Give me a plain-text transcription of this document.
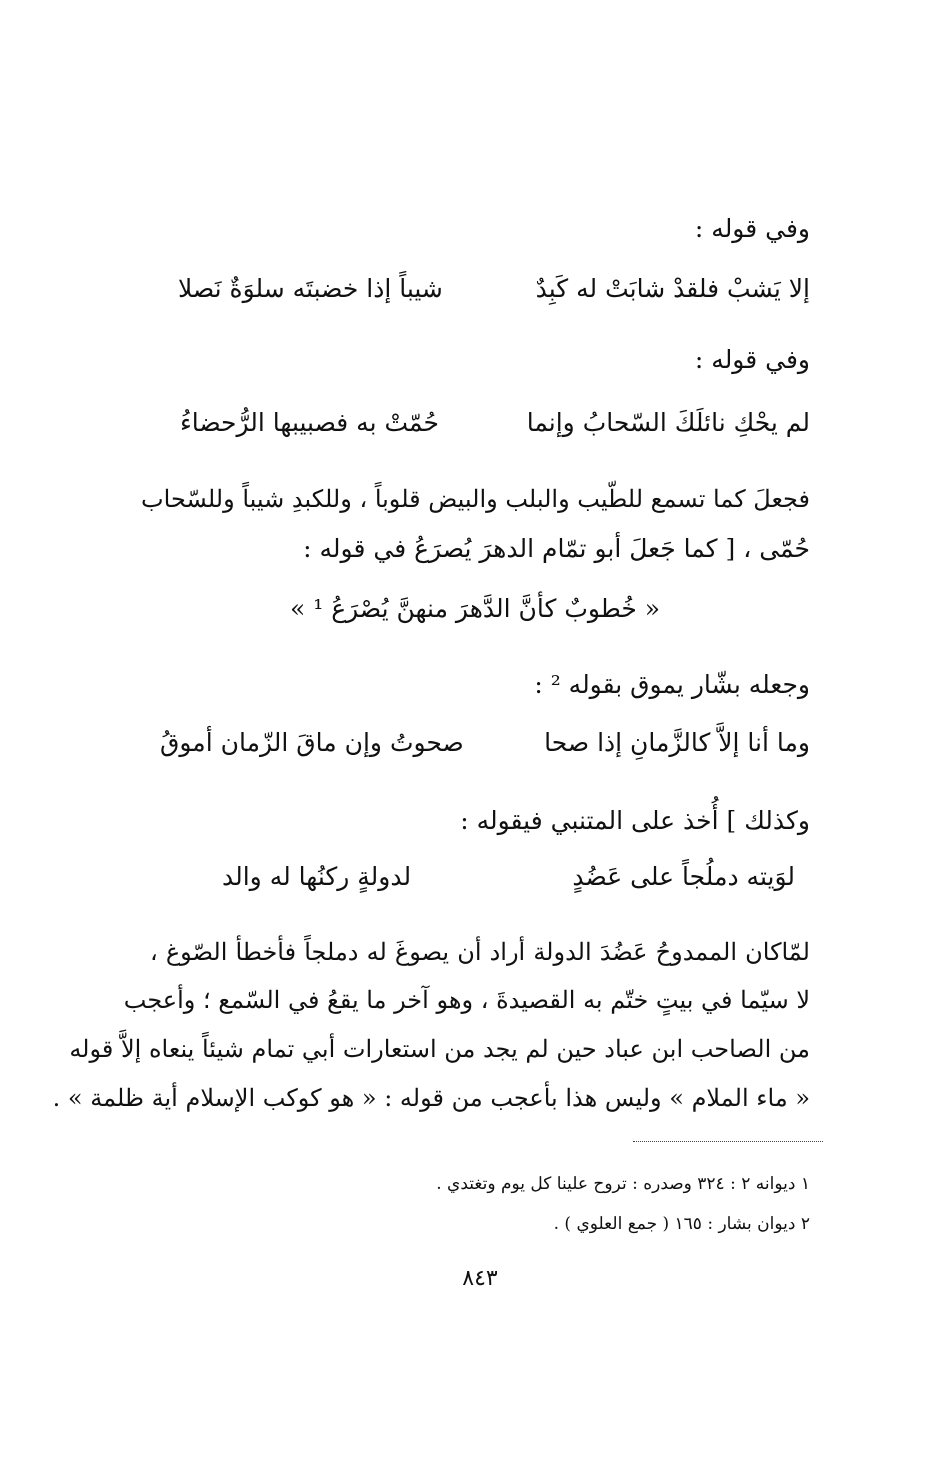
وفي قوله :
إلا يَشبْ فلقدْ شابَتْ له كَبِدٌ
شيباً إذا خضبتَه سلوَةٌ نَصلا
وفي قوله :
لم يحْكِ نائلَكَ السّحابُ وإنما
حُمّتْ به فصبيبها الرُّحضاءُ
فجعلَ كما تسمع للطّيب والبلب والبيض قلوباً ، وللكبدِ شيباً وللسّحاب
حُمّى ، [ كما جَعلَ أبو تمّام الدهرَ يُصرَعُ في قوله :
« خُطوبٌ كأنَّ الدَّهرَ منهنَّ يُصْرَعُ ¹ »
وجعله بشّار يموق بقوله ² :
وما أنا إلاَّ كالزَّمانِ إذا صحا
صحوتُ وإن ماقَ الزّمان أموقُ
وكذلك ] أُخذ على المتنبي فيقوله :
لوَيته دملُجاً على عَضُدٍ
لدولةٍ ركنُها له والد
لمّاكان الممدوحُ عَضُدَ الدولة أراد أن يصوغَ له دملجاً فأخطأ الصّوغ ،
لا سيّما في بيتٍ ختّم به القصيدةَ ، وهو آخر ما يقعُ في السّمع ؛ وأعجب
من الصاحب ابن عباد حين لم يجد من استعارات أبي تمام شيئاً ينعاه إلاَّ قوله
« ماء الملام » وليس هذا بأعجب من قوله : « هو كوكب الإسلام أية ظلمة » .
١ ديوانه ٢ : ٣٢٤ وصدره : تروح علينا كل يوم وتغتدي .
٢ ديوان بشار : ١٦٥ ( جمع العلوي ) .
٨٤٣
